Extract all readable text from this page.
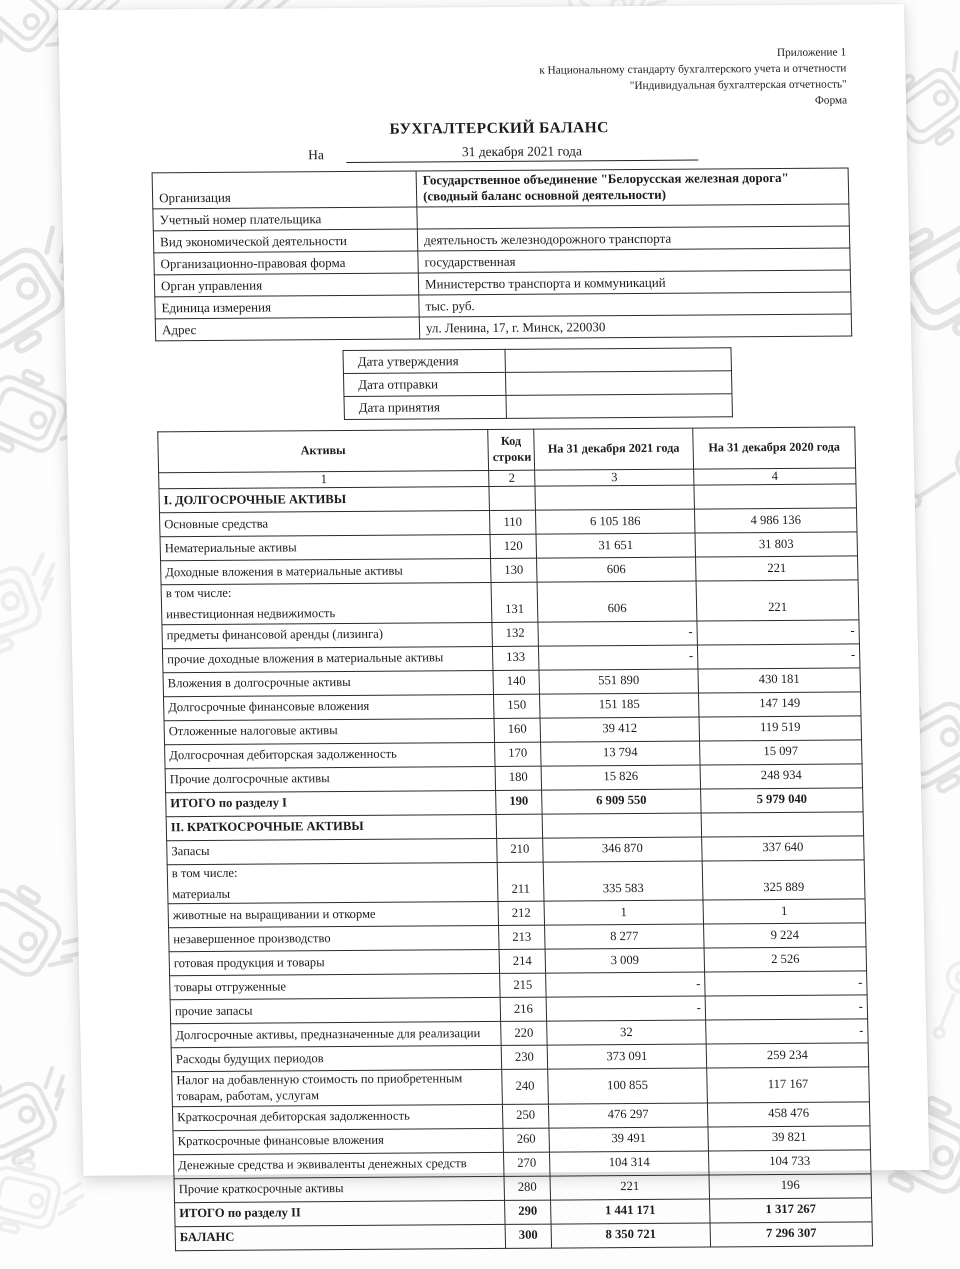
Приложение 1
к Национальному стандарту бухгалтерского учета и отчетности
"Индивидуальная бухгалтерская отчетность"
Форма
БУХГАЛТЕРСКИЙ БАЛАНС
На	31 декабря 2021 года
Организация	Государственное объединение "Белорусская железная дорога" (сводный баланс основной деятельности)
Учетный номер плательщика	
Вид экономической деятельности	деятельность железнодорожного транспорта
Организационно-правовая форма	государственная
Орган управления	Министерство транспорта и коммуникаций
Единица измерения	тыс. руб.
Адрес	ул. Ленина, 17, г. Минск, 220030
Дата утверждения	
Дата отправки	
Дата принятия	
Активы	Код строки	На 31 декабря 2021 года	На 31 декабря 2020 года
1	2	3	4
I. ДОЛГОСРОЧНЫЕ АКТИВЫ			
Основные средства	110	6 105 186	4 986 136
Нематериальные активы	120	31 651	31 803
Доходные вложения в материальные активы	130	606	221

в том числе:
инвестиционная недвижимость	131	606	221
предметы финансовой аренды (лизинга)	132	-	-
прочие доходные вложения в материальные активы	133	-	-
Вложения в долгосрочные активы	140	551 890	430 181
Долгосрочные финансовые вложения	150	151 185	147 149
Отложенные налоговые активы	160	39 412	119 519
Долгосрочная дебиторская задолженность	170	13 794	15 097
Прочие долгосрочные активы	180	15 826	248 934
ИТОГО по разделу I	190	6 909 550	5 979 040
II. КРАТКОСРОЧНЫЕ АКТИВЫ			
Запасы	210	346 870	337 640

в том числе:
материалы	211	335 583	325 889
животные на выращивании и откорме	212	1	1
незавершенное производство	213	8 277	9 224
готовая продукция и товары	214	3 009	2 526
товары отгруженные	215	-	-
прочие запасы	216	-	-
Долгосрочные активы, предназначенные для реализации	220	32	-
Расходы будущих периодов	230	373 091	259 234
Налог на добавленную стоимость по приобретенным товарам, работам, услугам	240	100 855	117 167
Краткосрочная дебиторская задолженность	250	476 297	458 476
Краткосрочные финансовые вложения	260	39 491	39 821
Денежные средства и эквиваленты денежных средств	270	104 314	104 733
Прочие краткосрочные активы	280	221	196
ИТОГО по разделу II	290	1 441 171	1 317 267
БАЛАНС	300	8 350 721	7 296 307
